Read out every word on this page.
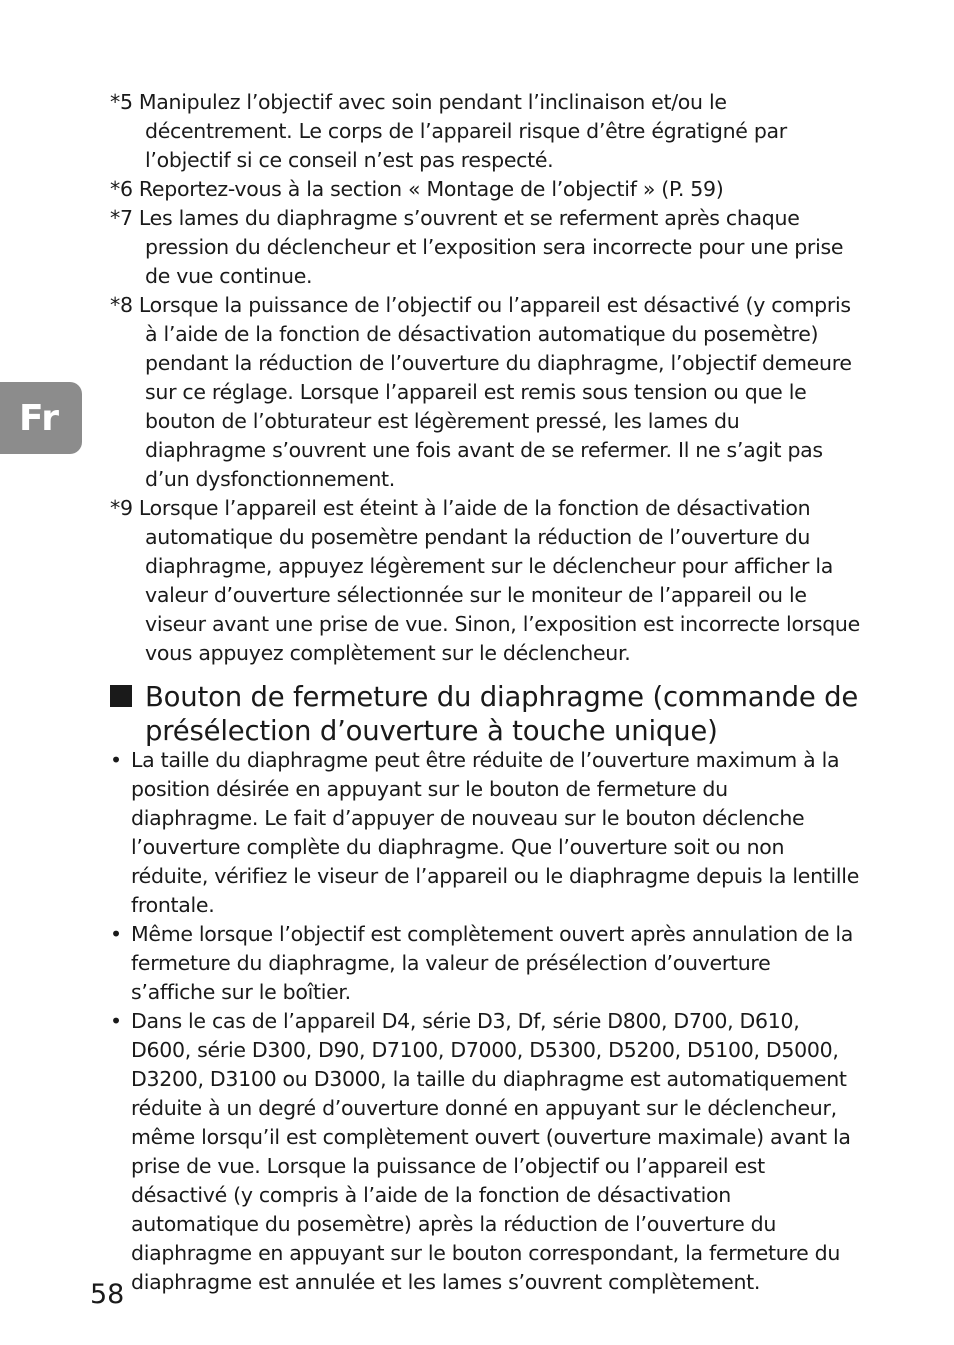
Fr
*5 Manipulez l’objectif avec soin pendant l’inclinaison et/ou le décentrement. Le corps de l’appareil risque d’être égratigné par l’objectif si ce conseil n’est pas respecté.
*6 Reportez-vous à la section « Montage de l’objectif » (P. 59)
*7 Les lames du diaphragme s’ouvrent et se referment après chaque pression du déclencheur et l’exposition sera incorrecte pour une prise de vue continue.
*8 Lorsque la puissance de l’objectif ou l’appareil est désactivé (y compris à l’aide de la fonction de désactivation automatique du posemètre) pendant la réduction de l’ouverture du diaphragme, l’objectif demeure sur ce réglage. Lorsque l’appareil est remis sous tension ou que le bouton de l’obturateur est légèrement pressé, les lames du diaphragme s’ouvrent une fois avant de se refermer. Il ne s’agit pas d’un dysfonctionnement.
*9 Lorsque l’appareil est éteint à l’aide de la fonction de désactivation automatique du posemètre pendant la réduction de l’ouverture du diaphragme, appuyez légèrement sur le déclencheur pour afficher la valeur d’ouverture sélectionnée sur le moniteur de l’appareil ou le viseur avant une prise de vue. Sinon, l’exposition est incorrecte lorsque vous appuyez complètement sur le déclencheur.
Bouton de fermeture du diaphragme (commande de présélection d’ouverture à touche unique)
• La taille du diaphragme peut être réduite de l’ouverture maximum à la position désirée en appuyant sur le bouton de fermeture du diaphragme. Le fait d’appuyer de nouveau sur le bouton déclenche l’ouverture complète du diaphragme. Que l’ouverture soit ou non réduite, vérifiez le viseur de l’appareil ou le diaphragme depuis la lentille frontale.
• Même lorsque l’objectif est complètement ouvert après annulation de la fermeture du diaphragme, la valeur de présélection d’ouverture s’affiche sur le boîtier.
• Dans le cas de l’appareil D4, série D3, Df, série D800, D700, D610, D600, série D300, D90, D7100, D7000, D5300, D5200, D5100, D5000, D3200, D3100 ou D3000, la taille du diaphragme est automatiquement réduite à un degré d’ouverture donné en appuyant sur le déclencheur, même lorsqu’il est complètement ouvert (ouverture maximale) avant la prise de vue. Lorsque la puissance de l’objectif ou l’appareil est désactivé (y compris à l’aide de la fonction de désactivation automatique du posemètre) après la réduction de l’ouverture du diaphragme en appuyant sur le bouton correspondant, la fermeture du diaphragme est annulée et les lames s’ouvrent complètement.
58
